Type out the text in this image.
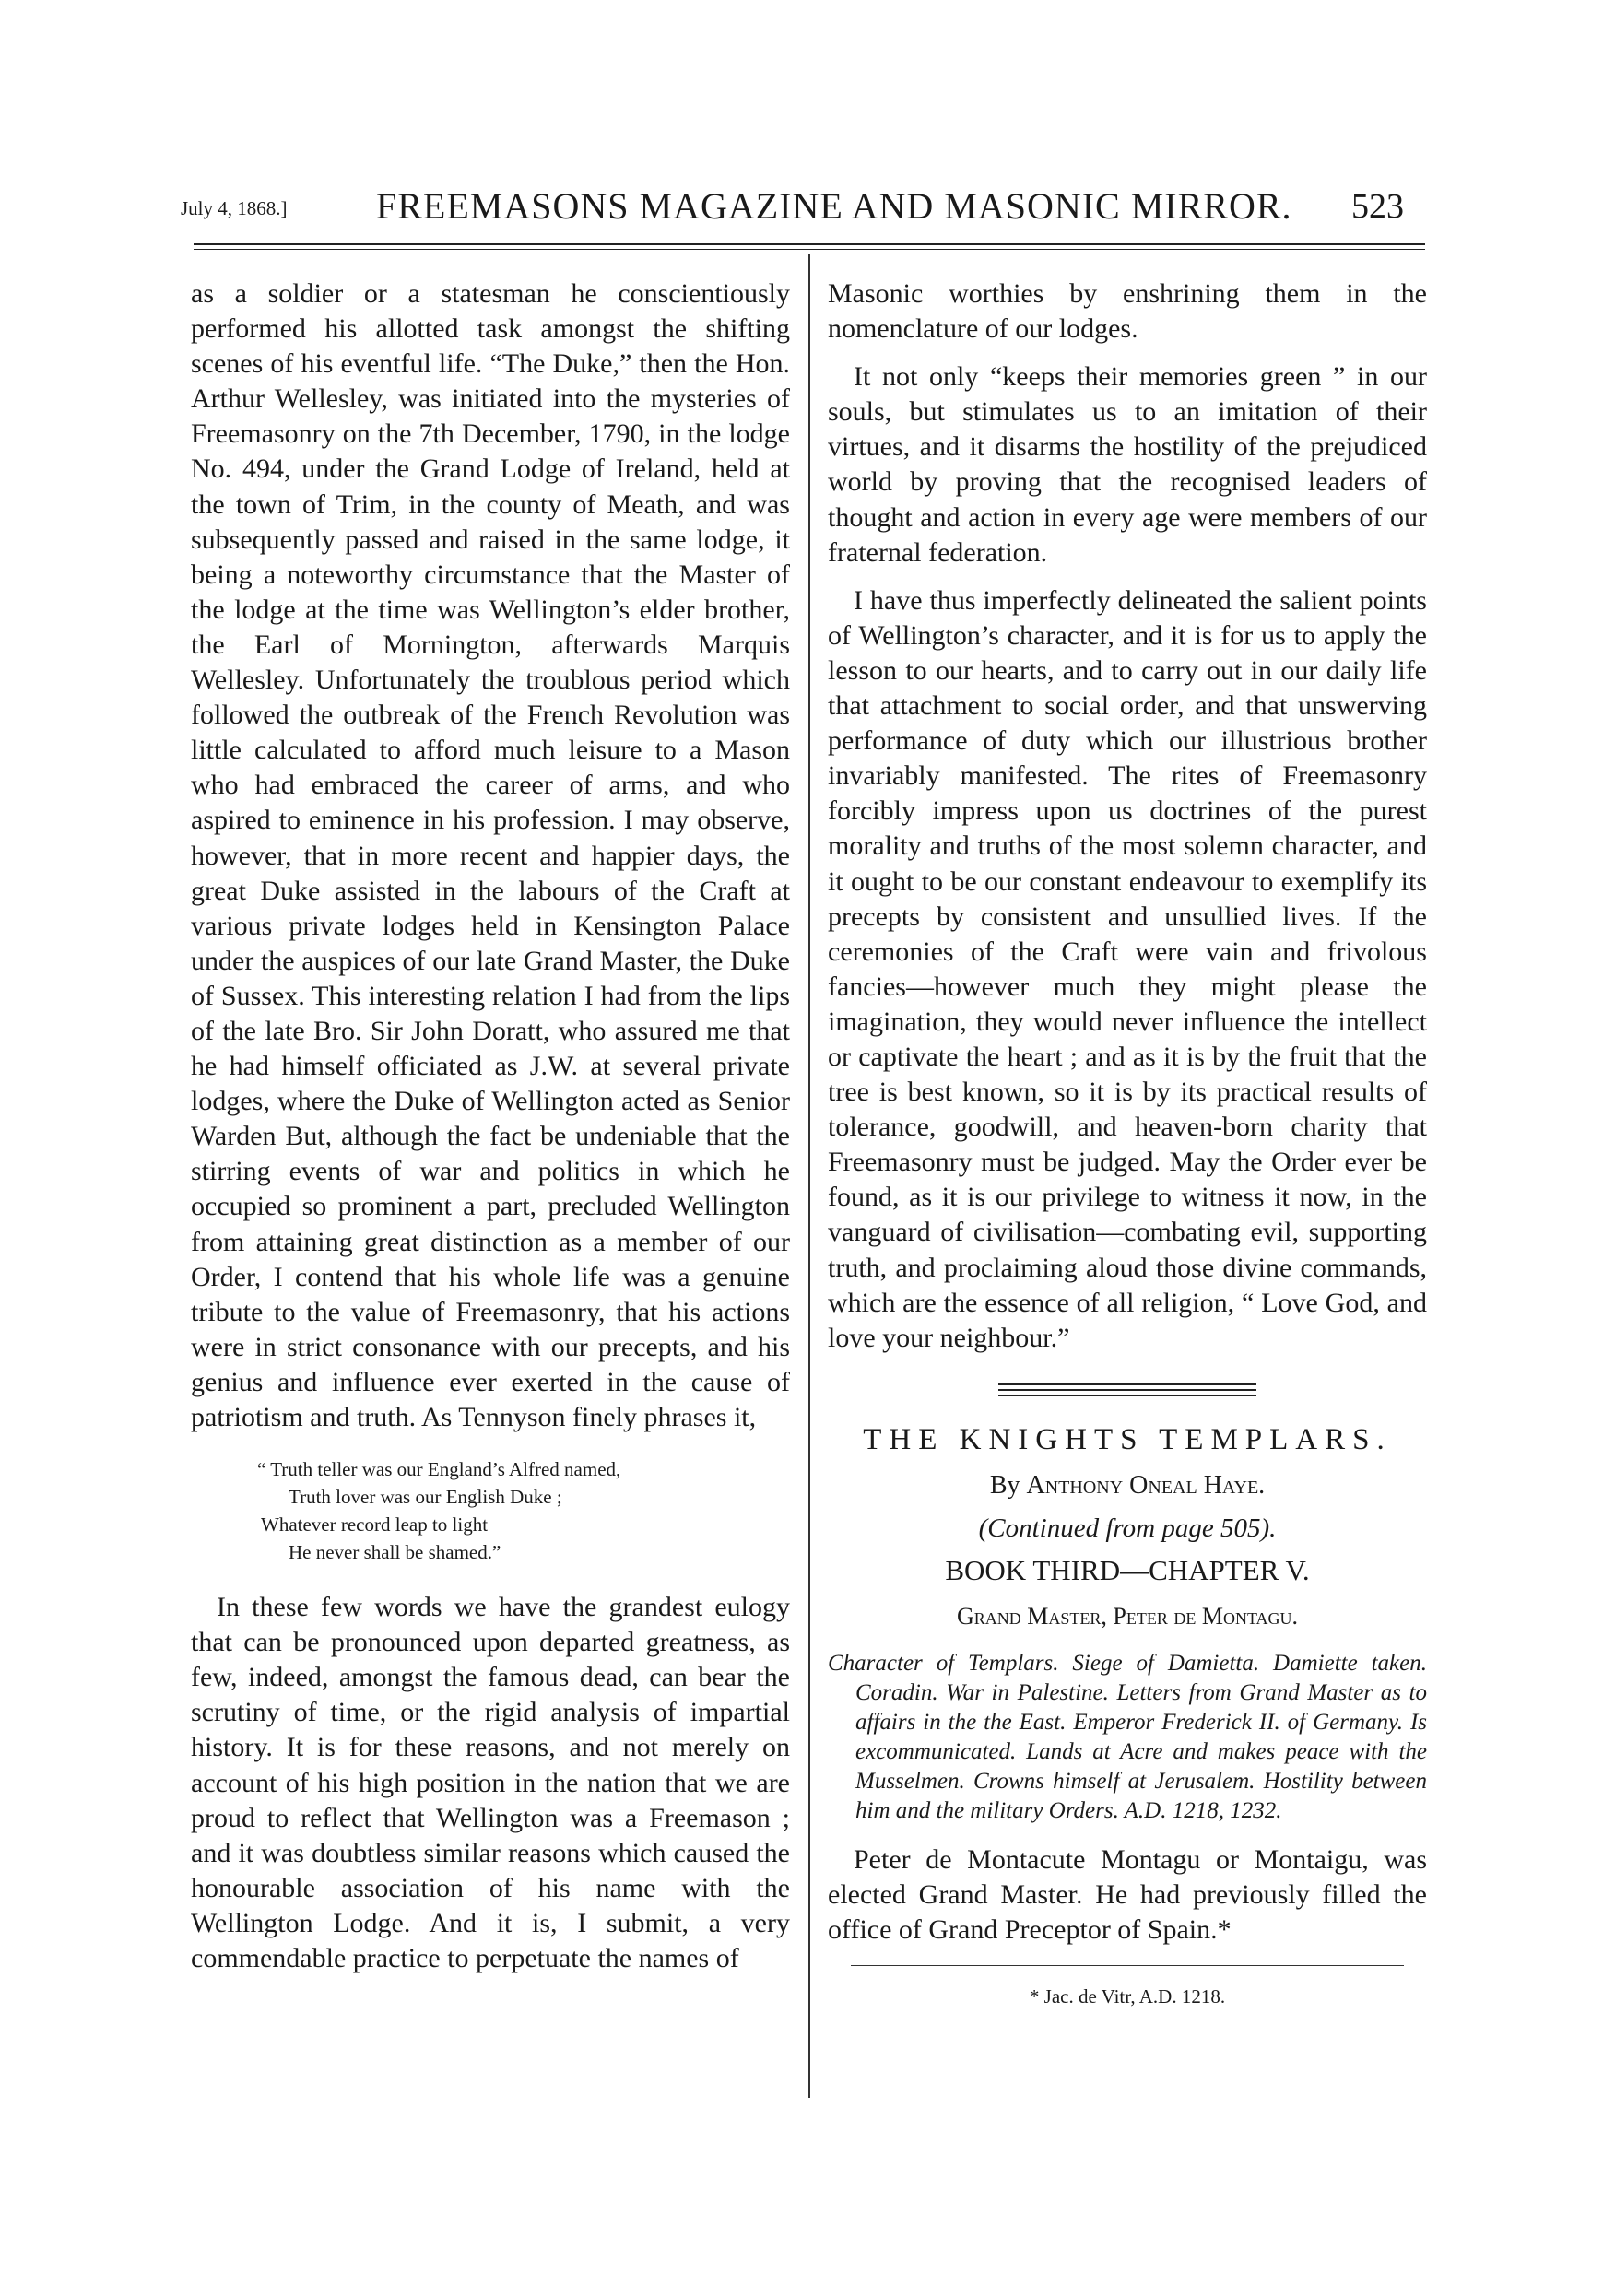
July 4, 1868.] FREEMASONS MAGAZINE AND MASONIC MIRROR. 523

as a soldier or a statesman he conscientiously performed his allotted task amongst the shifting scenes of his eventful life. “The Duke,” then the Hon. Arthur Wellesley, was initiated into the mysteries of Freemasonry on the 7th December, 1790, in the lodge No. 494, under the Grand Lodge of Ireland, held at the town of Trim, in the county of Meath, and was subsequently passed and raised in the same lodge, it being a noteworthy circumstance that the Master of the lodge at the time was Wellington’s elder brother, the Earl of Mornington, afterwards Marquis Wellesley. Unfortunately the troublous period which followed the outbreak of the French Revolution was little calculated to afford much leisure to a Mason who had embraced the career of arms, and who aspired to eminence in his profession. I may observe, however, that in more recent and happier days, the great Duke assisted in the labours of the Craft at various private lodges held in Kensington Palace under the auspices of our late Grand Master, the Duke of Sussex. This interesting relation I had from the lips of the late Bro. Sir John Doratt, who assured me that he had himself officiated as J.W. at several private lodges, where the Duke of Wellington acted as Senior Warden But, although the fact be undeniable that the stirring events of war and politics in which he occupied so prominent a part, precluded Wellington from attaining great distinction as a member of our Order, I contend that his whole life was a genuine tribute to the value of Freemasonry, that his actions were in strict consonance with our precepts, and his genius and influence ever exerted in the cause of patriotism and truth. As Tennyson finely phrases it,

“ Truth teller was our England’s Alfred named,
Truth lover was our English Duke ;
Whatever record leap to light
He never shall be shamed.”

In these few words we have the grandest eulogy that can be pronounced upon departed greatness, as few, indeed, amongst the famous dead, can bear the scrutiny of time, or the rigid analysis of impartial history. It is for these reasons, and not merely on account of his high position in the nation that we are proud to reflect that Wellington was a Freemason ; and it was doubtless similar reasons which caused the honourable association of his name with the Wellington Lodge. And it is, I submit, a very commendable practice to perpetuate the names of

Masonic worthies by enshrining them in the nomenclature of our lodges.

It not only “keeps their memories green ” in our souls, but stimulates us to an imitation of their virtues, and it disarms the hostility of the prejudiced world by proving that the recognised leaders of thought and action in every age were members of our fraternal federation.

I have thus imperfectly delineated the salient points of Wellington’s character, and it is for us to apply the lesson to our hearts, and to carry out in our daily life that attachment to social order, and that unswerving performance of duty which our illustrious brother invariably manifested. The rites of Freemasonry forcibly impress upon us doctrines of the purest morality and truths of the most solemn character, and it ought to be our constant endeavour to exemplify its precepts by consistent and unsullied lives. If the ceremonies of the Craft were vain and frivolous fancies—however much they might please the imagination, they would never influence the intellect or captivate the heart ; and as it is by the fruit that the tree is best known, so it is by its practical results of tolerance, goodwill, and heaven-born charity that Freemasonry must be judged. May the Order ever be found, as it is our privilege to witness it now, in the vanguard of civilisation—combating evil, supporting truth, and proclaiming aloud those divine commands, which are the essence of all religion, “ Love God, and love your neighbour.”

THE KNIGHTS TEMPLARS.
By Anthony Oneal Haye.
(Continued from page 505).
BOOK THIRD—CHAPTER V.
Grand Master, Peter de Montagu.
Character of Templars. Siege of Damietta. Damiette taken. Coradin. War in Palestine. Letters from Grand Master as to affairs in the the East. Emperor Frederick II. of Germany. Is excommunicated. Lands at Acre and makes peace with the Musselmen. Crowns himself at Jerusalem. Hostility between him and the military Orders. A.D. 1218, 1232.

Peter de Montacute Montagu or Montaigu, was elected Grand Master. He had previously filled the office of Grand Preceptor of Spain.*

* Jac. de Vitr, A.D. 1218.
